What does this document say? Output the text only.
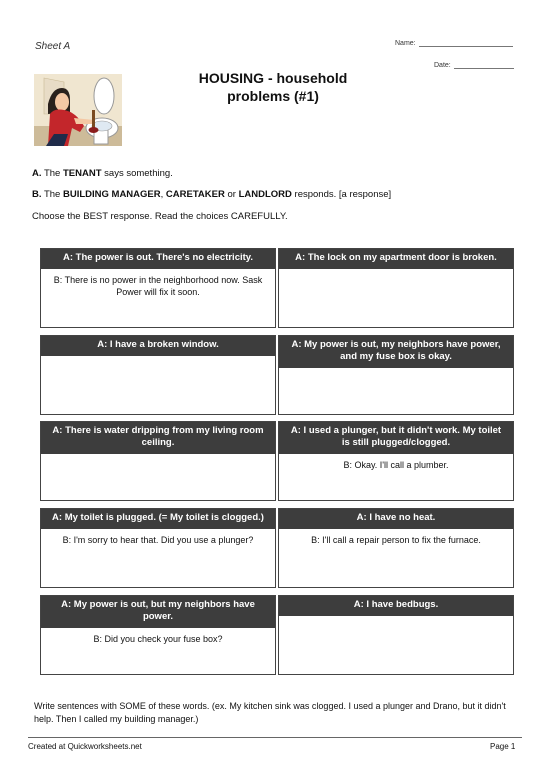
Sheet A	Name:
Date:
HOUSING - household
problems (#1)
A. The TENANT says something.
B. The BUILDING MANAGER, CARETAKER or LANDLORD responds. [a response]
Choose the BEST response. Read the choices CAREFULLY.
A: The power is out. There's no electricity.
B: There is no power in the neighborhood now. Sask Power will fix it soon.
A: The lock on my apartment door is broken.
A: I have a broken window.	A: My power is out, my neighbors have power, and my fuse box is okay.
A: There is water dripping from my living room ceiling.
A: I used a plunger, but it didn't work. My toilet is still plugged/clogged.
B: Okay. I'll call a plumber.
A: My toilet is plugged. (= My toilet is clogged.)
B: I'm sorry to hear that. Did you use a plunger?
A: I have no heat.
B: I'll call a repair person to fix the furnace.
A: My power is out, but my neighbors have power.
B: Did you check your fuse box?
A: I have bedbugs.
Write sentences with SOME of these words. (ex. My kitchen sink was clogged. I used a plunger and Drano, but it didn't help. Then I called my building manager.)
Created at Quickworksheets.net	Page 1
